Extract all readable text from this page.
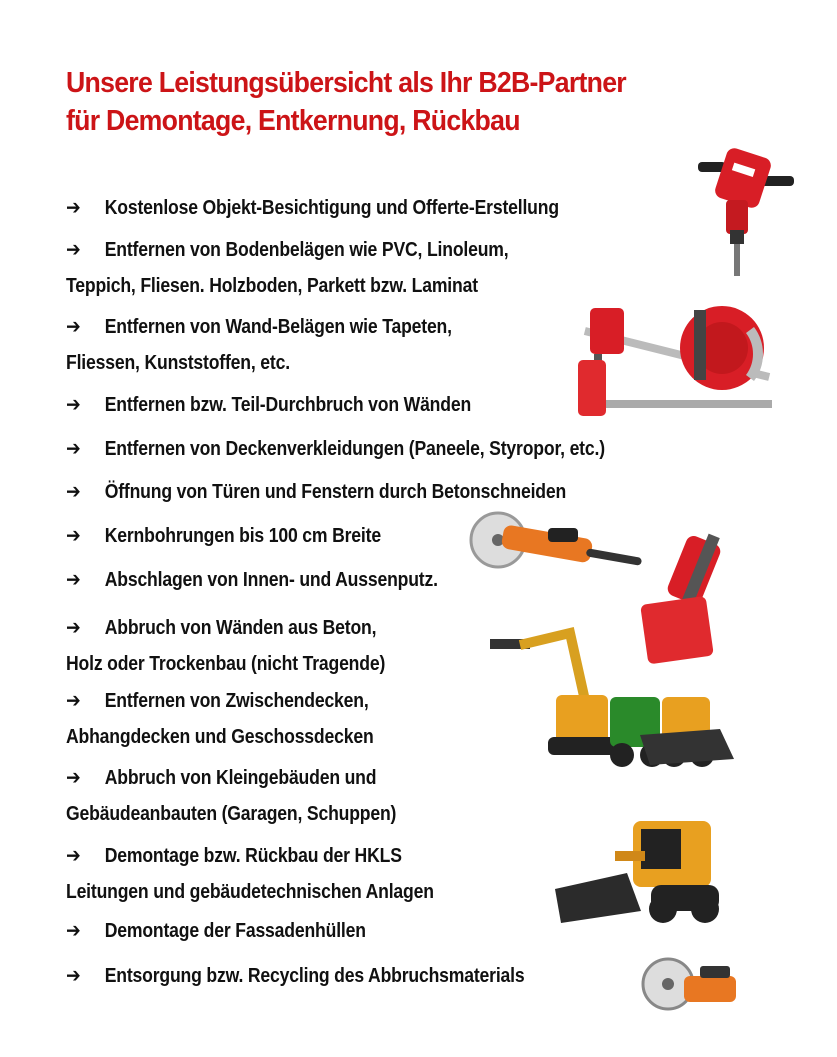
Unsere Leistungsübersicht als Ihr B2B-Partner
für Demontage, Entkernung, Rückbau
➔ Kostenlose Objekt-Besichtigung und Offerte-Erstellung
➔ Entfernen von Bodenbelägen wie PVC, Linoleum,
Teppich, Fliesen. Holzboden, Parkett bzw. Laminat
➔ Entfernen von Wand-Belägen wie Tapeten,
Fliessen, Kunststoffen, etc.
➔ Entfernen bzw. Teil-Durchbruch von Wänden
➔ Entfernen von Deckenverkleidungen (Paneele, Styropor, etc.)
➔ Öffnung von Türen und Fenstern durch Betonschneiden
➔ Kernbohrungen bis 100 cm Breite
➔ Abschlagen von Innen- und Aussenputz.
➔ Abbruch von Wänden aus Beton,
Holz oder Trockenbau (nicht Tragende)
➔ Entfernen von Zwischendecken,
Abhangdecken und Geschossdecken
➔ Abbruch von Kleingebäuden und
Gebäudeanbauten (Garagen, Schuppen)
➔ Demontage bzw. Rückbau der HKLS
Leitungen und gebäudetechnischen Anlagen
➔ Demontage der Fassadenhüllen
➔ Entsorgung bzw. Recycling des Abbruchsmaterials
